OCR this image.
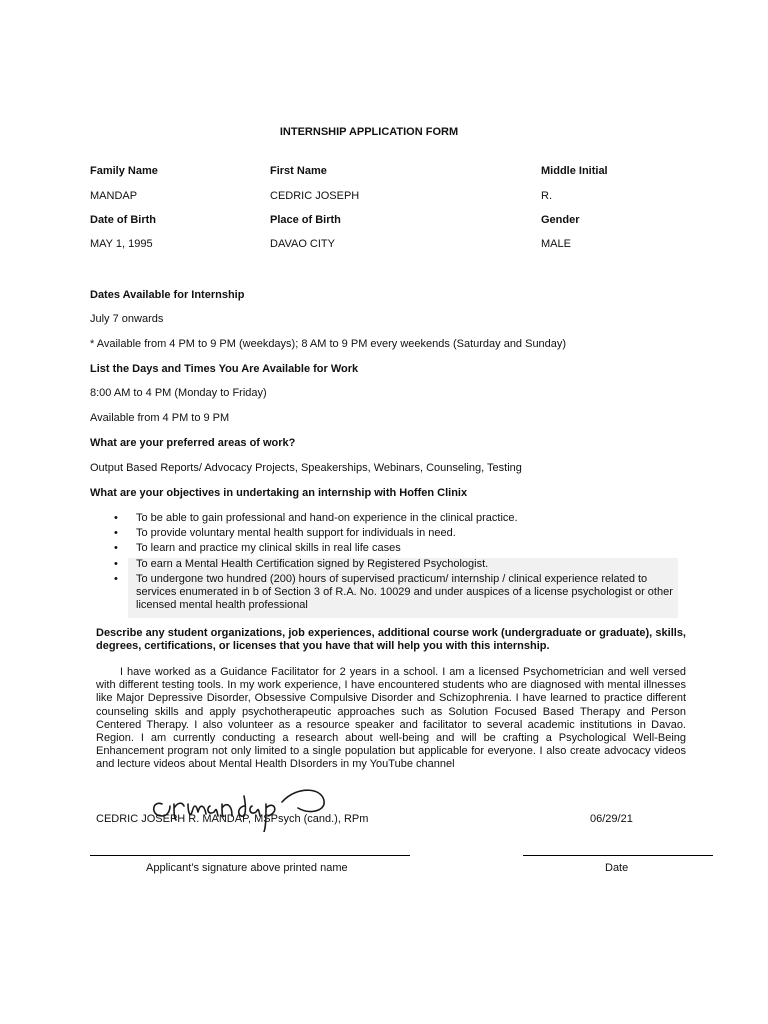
INTERNSHIP APPLICATION FORM
Family Name	First Name	Middle Initial
MANDAP	CEDRIC JOSEPH	R.
Date of Birth	Place of Birth	Gender
MAY 1, 1995	DAVAO CITY	MALE
Dates Available for Internship
July 7 onwards
* Available from 4 PM to 9 PM (weekdays); 8 AM to 9 PM every weekends (Saturday and Sunday)
List the Days and Times You Are Available for Work
8:00 AM to 4 PM (Monday to Friday)
Available from 4 PM to 9 PM
What are your preferred areas of work?
Output Based Reports/ Advocacy Projects, Speakerships, Webinars, Counseling, Testing
What are your objectives in undertaking an internship with Hoffen Clinix
• To be able to gain professional and hand-on experience in the clinical practice.
• To provide voluntary mental health support for individuals in need.
• To learn and practice my clinical skills in real life cases
• To earn a Mental Health Certification signed by Registered Psychologist.
• To undergone two hundred (200) hours of supervised practicum/ internship / clinical experience related to services enumerated in b of Section 3 of R.A. No. 10029 and under auspices of a license psychologist or other licensed mental health professional
Describe any student organizations, job experiences, additional course work (undergraduate or graduate), skills, degrees, certifications, or licenses that you have that will help you with this internship.
I have worked as a Guidance Facilitator for 2 years in a school. I am a licensed Psychometrician and well versed with different testing tools. In my work experience, I have encountered students who are diagnosed with mental illnesses like Major Depressive Disorder, Obsessive Compulsive Disorder and Schizophrenia. I have learned to practice different counseling skills and apply psychotherapeutic approaches such as Solution Focused Based Therapy and Person Centered Therapy. I also volunteer as a resource speaker and facilitator to several academic institutions in Davao. Region. I am currently conducting a research about well-being and will be crafting a Psychological Well-Being Enhancement program not only limited to a single population but applicable for everyone. I also create advocacy videos and lecture videos about Mental Health DIsorders in my YouTube channel
CEDRIC JOSEPH R. MANDAP, MSPsych (cand.), RPm	06/29/21
Applicant’s signature above printed name	Date
